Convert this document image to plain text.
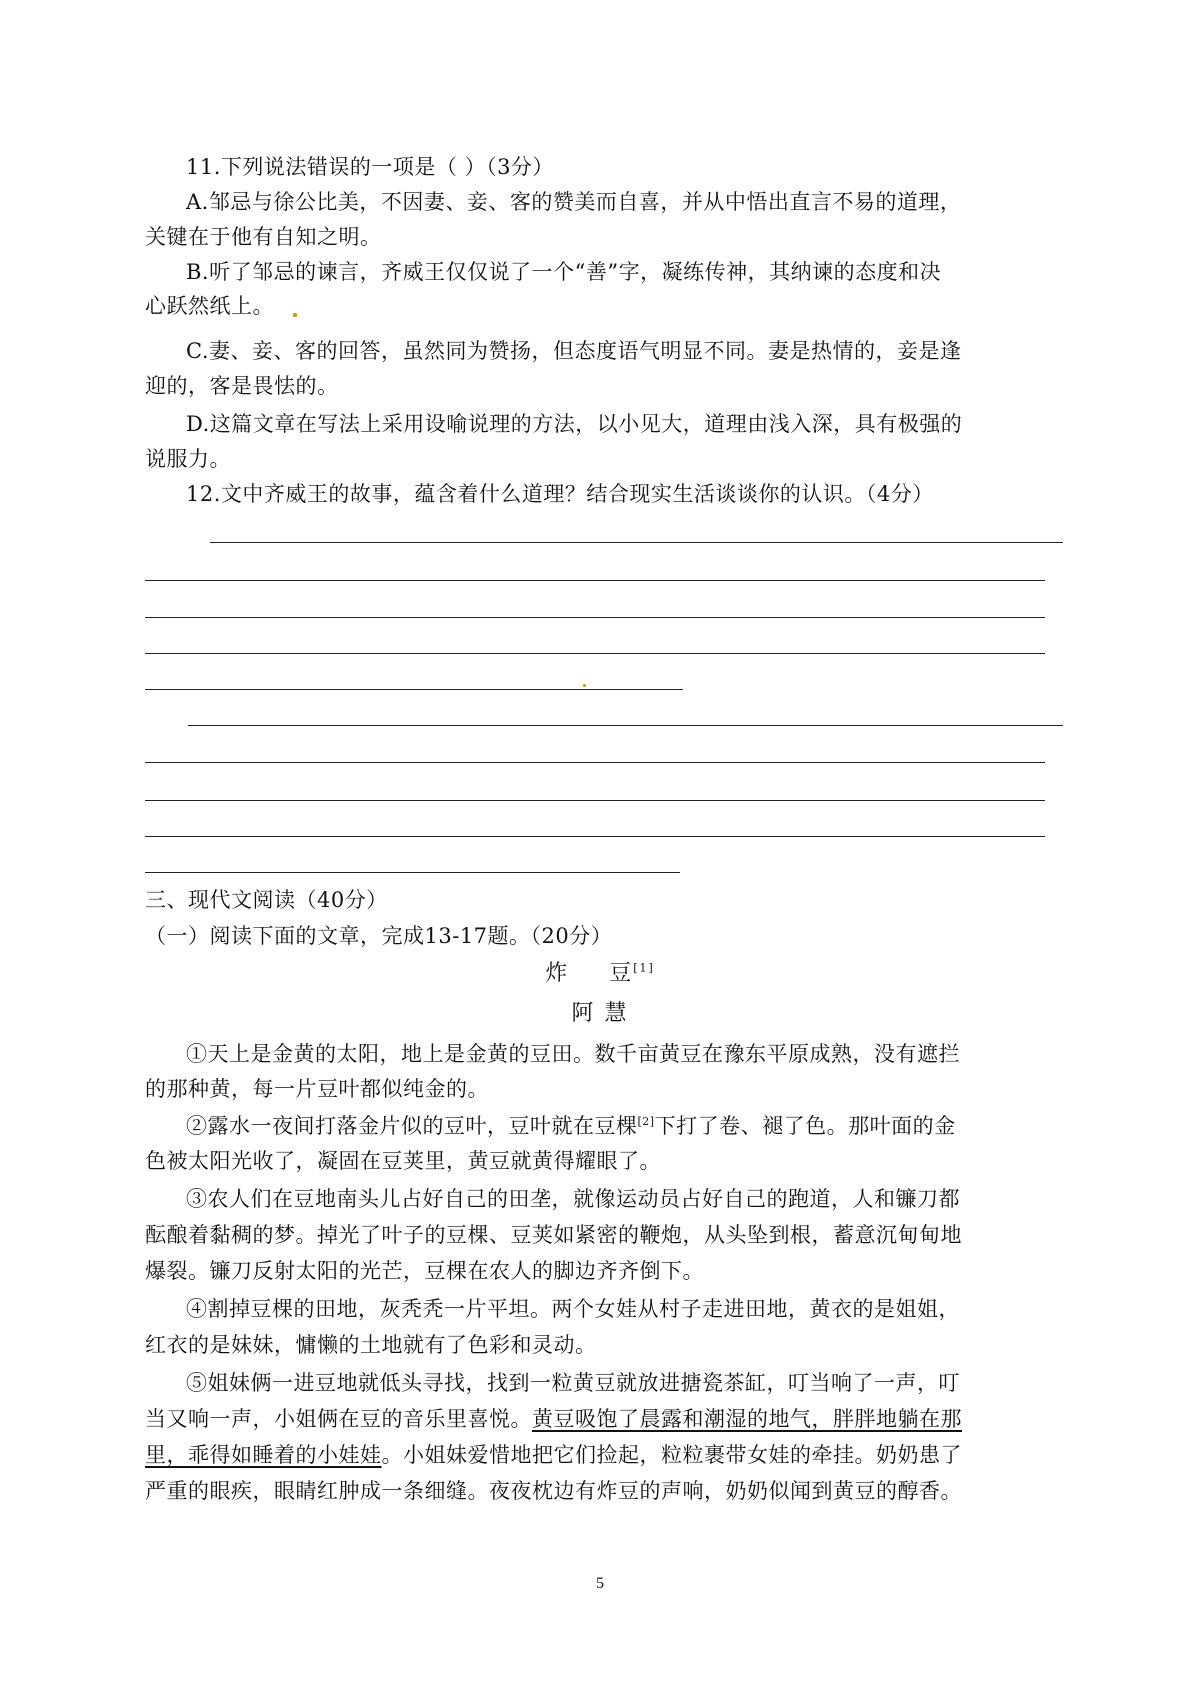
11.下列说法错误的一项是（ ）（3分）
A.邹忌与徐公比美，不因妻、妾、客的赞美而自喜，并从中悟出直言不易的道理，
关键在于他有自知之明。
B.听了邹忌的谏言，齐威王仅仅说了一个“善”字，凝练传神，其纳谏的态度和决
心跃然纸上。
C.妻、妾、客的回答，虽然同为赞扬，但态度语气明显不同。妻是热情的，妾是逢
迎的，客是畏怯的。
D.这篇文章在写法上采用设喻说理的方法，以小见大，道理由浅入深，具有极强的
说服力。
12.文中齐威王的故事，蕴含着什么道理？结合现实生活谈谈你的认识。（4分）
三、现代文阅读（40分）
（一）阅读下面的文章，完成13-17题。（20分）
炸 豆[1]
阿 慧
①天上是金黄的太阳，地上是金黄的豆田。数千亩黄豆在豫东平原成熟，没有遮拦
的那种黄，每一片豆叶都似纯金的。
②露水一夜间打落金片似的豆叶，豆叶就在豆棵[2]下打了卷、褪了色。那叶面的金
色被太阳光收了，凝固在豆荚里，黄豆就黄得耀眼了。
③农人们在豆地南头儿占好自己的田垄，就像运动员占好自己的跑道，人和镰刀都
酝酿着黏稠的梦。掉光了叶子的豆棵、豆荚如紧密的鞭炮，从头坠到根，蓄意沉甸甸地
爆裂。镰刀反射太阳的光芒，豆棵在农人的脚边齐齐倒下。
④割掉豆棵的田地，灰秃秃一片平坦。两个女娃从村子走进田地，黄衣的是姐姐，
红衣的是妹妹，慵懒的土地就有了色彩和灵动。
⑤姐妹俩一进豆地就低头寻找，找到一粒黄豆就放进搪瓷茶缸，叮当响了一声，叮
当又响一声，小姐俩在豆的音乐里喜悦。黄豆吸饱了晨露和潮湿的地气，胖胖地躺在那
里，乖得如睡着的小娃娃。小姐妹爱惜地把它们捡起，粒粒裹带女娃的牵挂。奶奶患了
严重的眼疾，眼睛红肿成一条细缝。夜夜枕边有炸豆的声响，奶奶似闻到黄豆的醇香。
5
